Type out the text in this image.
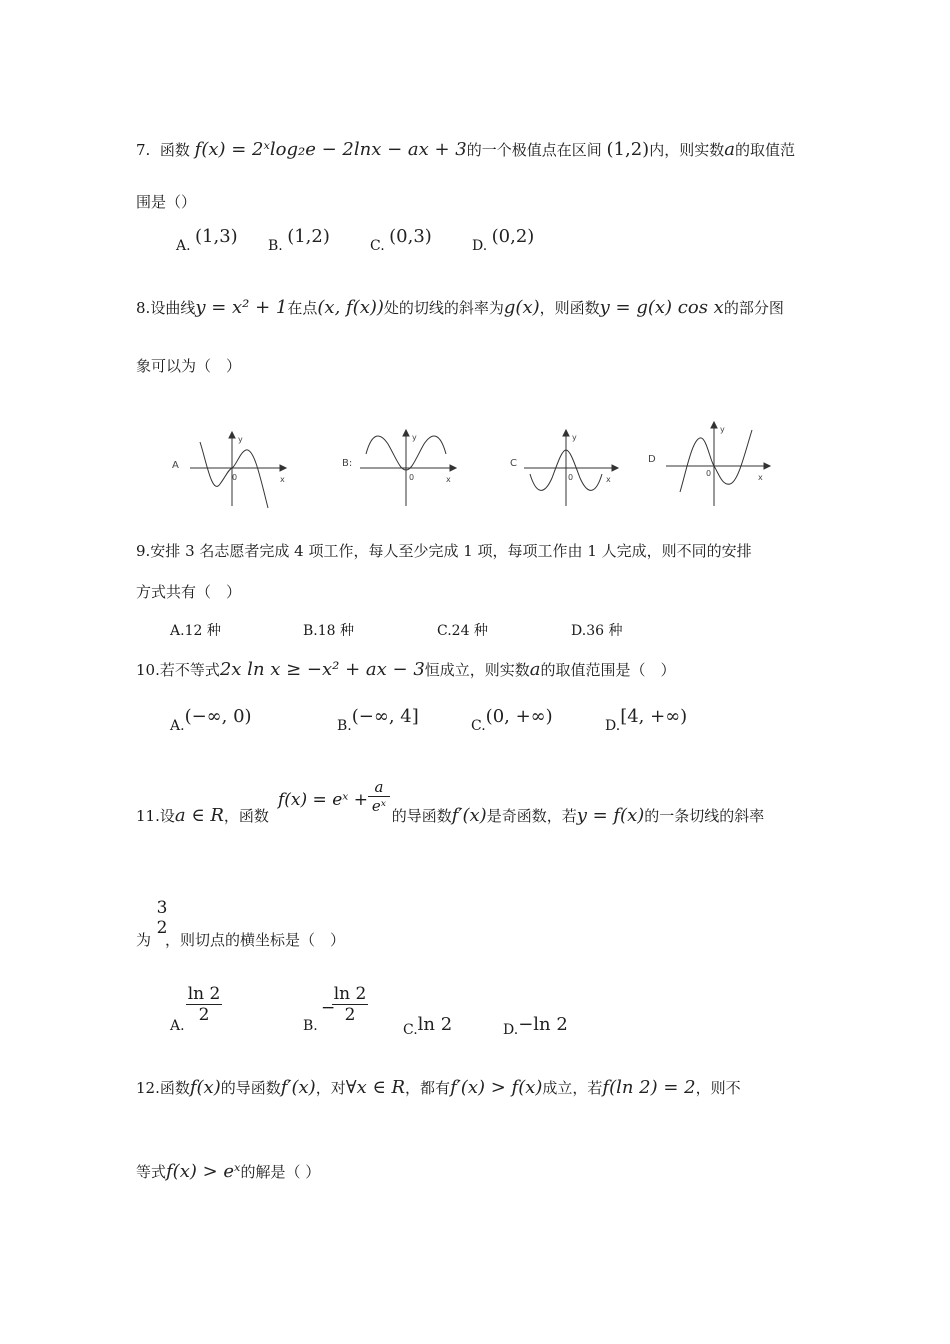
7. 函数 f(x) = 2ˣlog₂e − 2lnx − ax + 3的一个极值点在区间 (1,2)内，则实数a的取值范
围是（）
A. (1,3) B. (1,2)	C. (0,3)	D. (0,2)
8.设曲线y = x² + 1在点(x, f(x))处的切线的斜率为g(x)，则函数y = g(x) cos x的部分图
象可以为（　）
A
y
x
0
B:
y
x
0
C
y
x
0
D
y
x
0
9.安排 3 名志愿者完成 4 项工作，每人至少完成 1 项，每项工作由 1 人完成，则不同的安排
方式共有（　）
A.12 种	B.18 种	C.24 种	D.36 种
10.若不等式2x ln x ≥ −x² + ax − 3恒成立，则实数a的取值范围是（　）
A.(−∞, 0)	B.(−∞, 4]	C.(0, +∞)	D.[4, +∞)
11.设a ∈ R，函数	的导函数f′(x)是奇函数，若y = f(x)的一条切线的斜率
f(x) = eˣ + $\frac{a}{\text{eˣ}}$
为 ，则切点的横坐标是（　）
3
2
A.
$\frac{\ln 2}{2}$
B.
−
$\frac{\ln 2}{2}$
C.ln 2	D.−ln 2
12.函数f(x)的导函数f′(x)，对∀x ∈ R，都有f′(x) > f(x)成立，若f(ln 2) = 2，则不
等式f(x) > eˣ的解是（ ）
